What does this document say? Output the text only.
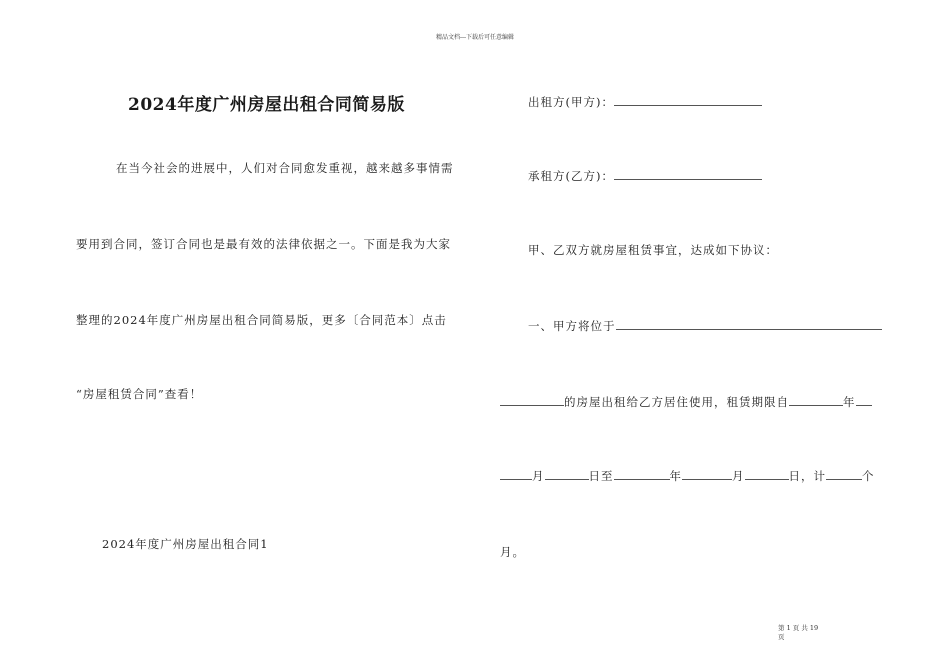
精品文档---下载后可任意编辑
2024年度广州房屋出租合同简易版
在当今社会的进展中，人们对合同愈发重视，越来越多事情需
要用到合同，签订合同也是最有效的法律依据之一。下面是我为大家
整理的2024年度广州房屋出租合同简易版，更多〔合同范本〕点击
“房屋租赁合同”查看！
2024年度广州房屋出租合同1
出租方(甲方)：
承租方(乙方)：
甲、乙双方就房屋租赁事宜，达成如下协议：
一、甲方将位于
的房屋出租给乙方居住使用，租赁期限自	年
月	日至	年	月	日，计	个
月。
第 1 页 共 19
页
